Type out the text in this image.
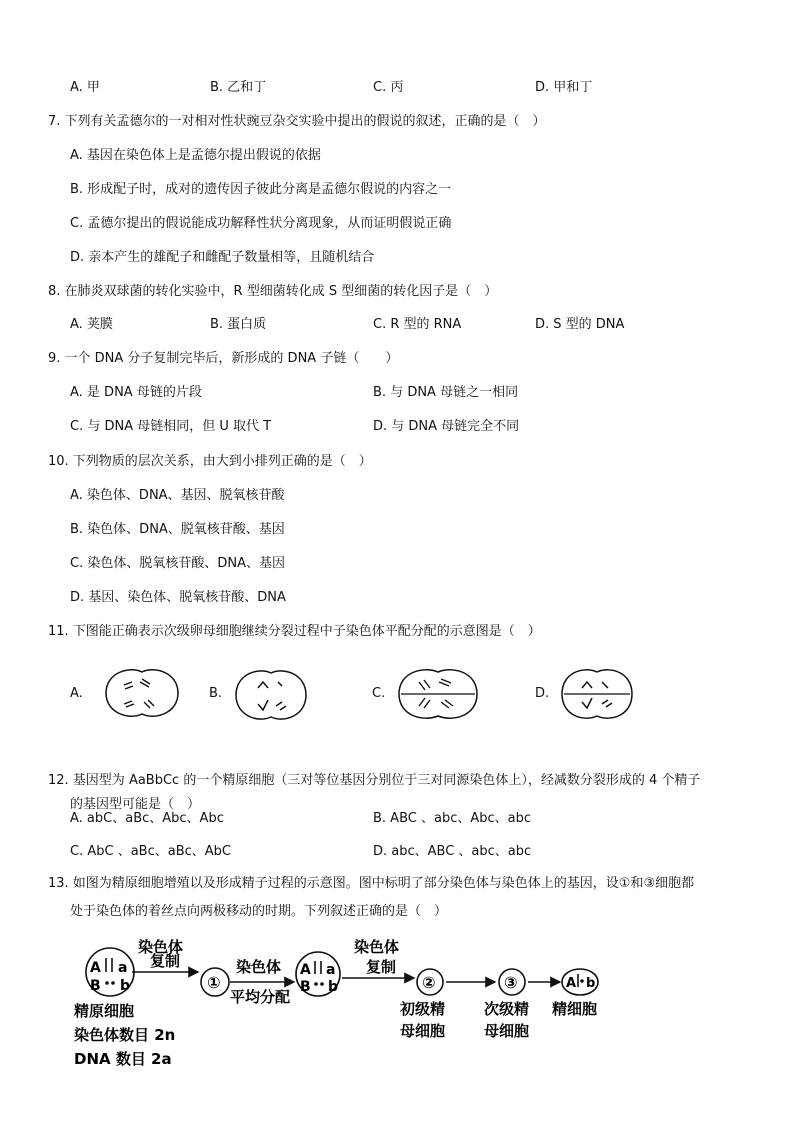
A. 甲	B. 乙和丁	C. 丙	D. 甲和丁
7. 下列有关孟德尔的一对相对性状豌豆杂交实验中提出的假说的叙述，正确的是（　）
A. 基因在染色体上是孟德尔提出假说的依据
B. 形成配子时，成对的遗传因子彼此分离是孟德尔假说的内容之一
C. 孟德尔提出的假说能成功解释性状分离现象，从而证明假说正确
D. 亲本产生的雄配子和雌配子数量相等，且随机结合
8. 在肺炎双球菌的转化实验中，R 型细菌转化成 S 型细菌的转化因子是（　）
A. 荚膜	B. 蛋白质	C. R 型的 RNA	D. S 型的 DNA
9. 一个 DNA 分子复制完毕后，新形成的 DNA 子链（　　）
A. 是 DNA 母链的片段	B. 与 DNA 母链之一相同
C. 与 DNA 母链相同，但 U 取代 T	D. 与 DNA 母链完全不同
10. 下列物质的层次关系，由大到小排列正确的是（　）
A. 染色体、DNA、基因、脱氧核苷酸
B. 染色体、DNA、脱氧核苷酸、基因
C. 染色体、脱氧核苷酸、DNA、基因
D. 基因、染色体、脱氧核苷酸、DNA
11. 下图能正确表示次级卵母细胞继续分裂过程中子染色体平配分配的示意图是（　）
A.	B.	C.	D.
12. 基因型为 AaBbCc 的一个精原细胞（三对等位基因分别位于三对同源染色体上），经减数分裂形成的 4 个精子
的基因型可能是（　）
A. abC、aBc、Abc、Abc	B. ABC 、abc、Abc、abc
C. AbC 、aBc、aBc、AbC	D. abc、ABC 、abc、abc
13. 如图为精原细胞增殖以及形成精子过程的示意图。图中标明了部分染色体与染色体上的基因，设①和③细胞都
处于染色体的着丝点向两极移动的时期。下列叙述正确的是（　）
A a
B b
染色体
复制
①
染色体
平均分配
A a
B b
染色体
复制
②	③	A b
初级精
母细胞
次级精
母细胞
精细胞
精原细胞
染色体数目 2n
DNA 数目 2a
